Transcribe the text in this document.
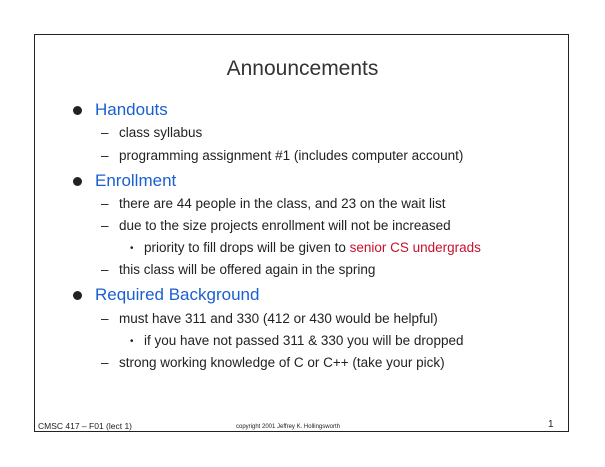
Announcements
Handouts
– class syllabus
– programming assignment #1 (includes computer account)
Enrollment
– there are 44 people in the class, and 23 on the wait list
– due to the size projects enrollment will not be increased
• priority to fill drops will be given to senior CS undergrads
– this class will be offered again in the spring
Required Background
– must have 311 and 330 (412 or 430 would be helpful)
• if you have not passed 311 & 330 you will be dropped
– strong working knowledge of C or C++ (take your pick)
CMSC 417 – F01 (lect 1)	copyright 2001 Jeffrey K. Hollingsworth	1
